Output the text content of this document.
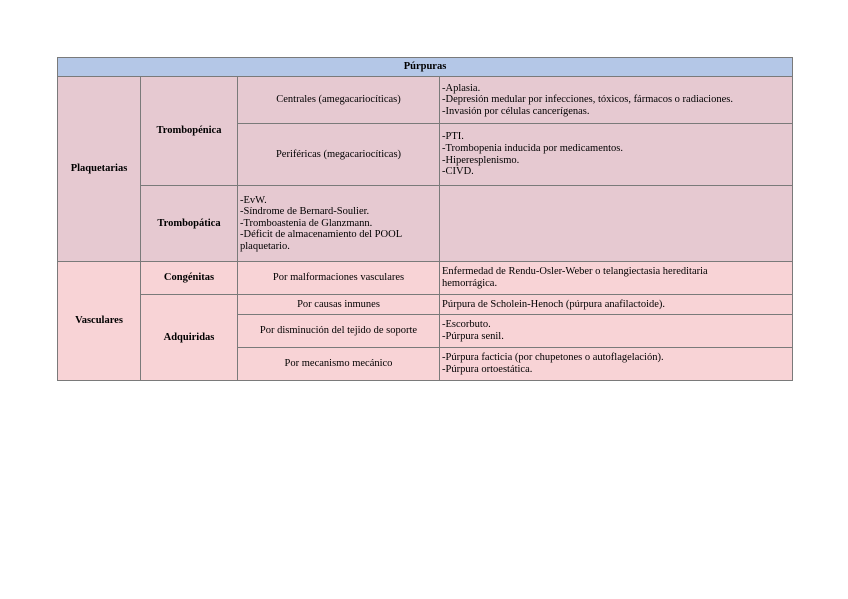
Púrpuras			
Plaquetarias	Trombopénica	Centrales (amegacariocíticas)	-Aplasia.
-Depresión medular por infecciones, tóxicos, fármacos o radiaciones.
-Invasión por células cancerígenas.

		Periféricas (megacariocíticas)	-PTI.
-Trombopenia inducida por medicamentos.
-Hiperesplenismo.
-CIVD.

	Trombopática	-EvW.
-Síndrome de Bernard-Soulier.
-Tromboastenia de Glanzmann.
-Déficit de almacenamiento del POOL
plaquetario.	

Vasculares	Congénitas	Por malformaciones vasculares	Enfermedad de Rendu-Osler-Weber o telangiectasia hereditaria
hemorrágica.

	Adquiridas	Por causas inmunes	Púrpura de Scholein-Henoch (púrpura anafilactoide).

		Por disminución del tejido de soporte	-Escorbuto.
-Púrpura senil.

		Por mecanismo mecánico	-Púrpura facticia (por chupetones o autoflagelación).
-Púrpura ortoestática.
